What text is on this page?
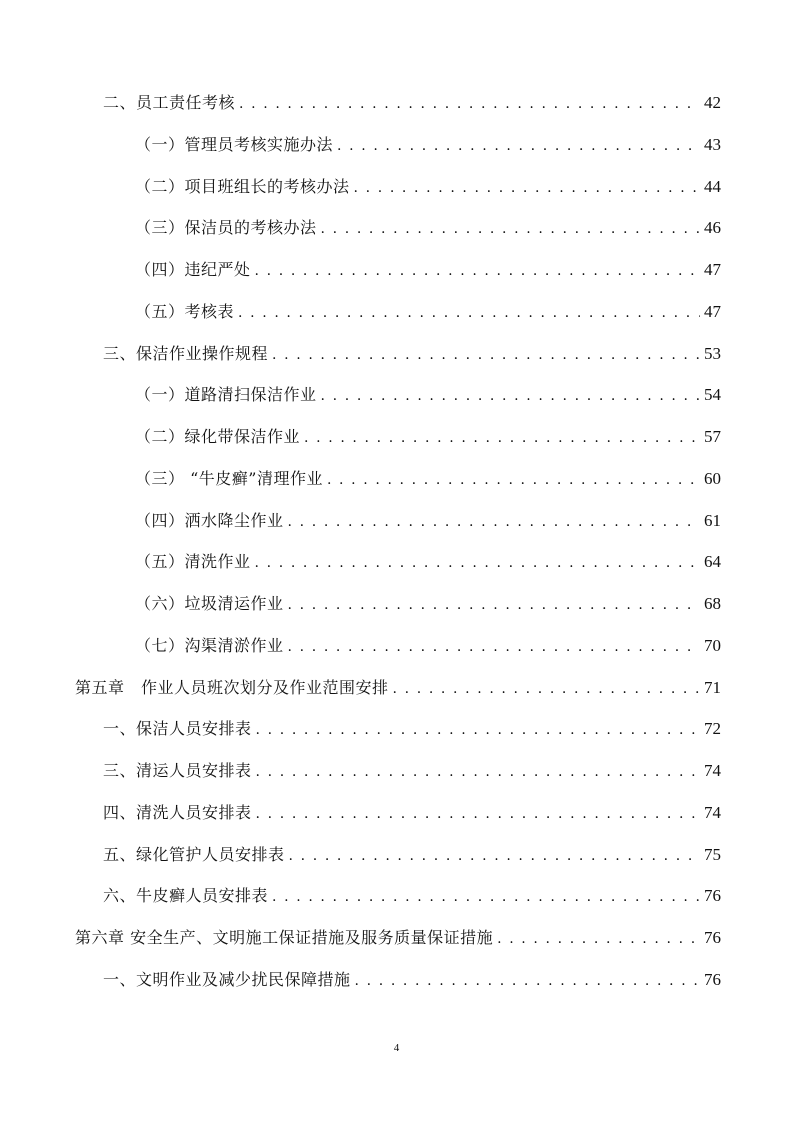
二、员工责任考核 . . .	42
（一）管理员考核实施办法 . . .	43
（二）项目班组长的考核办法 . . .	44
（三）保洁员的考核办法 . . .	46
（四）违纪严处 . . .	47
（五）考核表 . . .	47
三、保洁作业操作规程 . . .	53
（一）道路清扫保洁作业 . . .	54
（二）绿化带保洁作业 . . .	57
（三） “牛皮癣”清理作业 . . .	60
（四）洒水降尘作业 . . .	61
（五）清洗作业 . . .	64
（六）垃圾清运作业 . . .	68
（七）沟渠清淤作业 . . .	70
第五章　作业人员班次划分及作业范围安排 . . .	71
一、保洁人员安排表 . . .	72
三、清运人员安排表 . . .	74
四、清洗人员安排表 . . .	74
五、绿化管护人员安排表 . . .	75
六、牛皮癣人员安排表 . . .	76
第六章 安全生产、文明施工保证措施及服务质量保证措施 . . .	76
一、文明作业及减少扰民保障措施 . . .	76
4
